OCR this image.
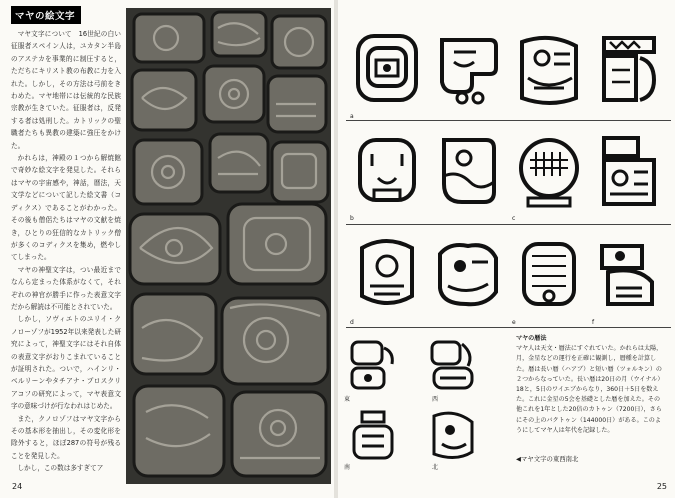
マヤの絵文字

マヤ文字について　16世紀の白い征服者スペイン人は，ユカタン半島のアステカを事業的に制圧すると，ただちにキリスト教の布教に力を入れた。しかし，その方法は弓前をきわめた。マヤ地帯には伝統的な民族宗教が生きていた。征服者は，反発する者は処刑した。カトリックの聖職者たちも異教の建築に強圧をかけた。

かれらは，神殿の１つから解焼館で奇妙な絵文字を発見した。それらはマヤの宇宙感や，神話，暦法，天文学などについて記した絵文書（コディクス）であることがわかった。その後も僧侶たちはマヤの文献を焼き，ひとりの狂信的なカトリック僧が多くのコディクスを集め，燃やしてしまった。

マヤの神聖文字は，つい最近までなんら定まった体系がなくて，それぞれの神官が勝手に作った表意文字だから解読は不可能とされていた。

しかし，ソヴィエトのユリイ・クノローゾフが1952年以来発表した研究によって，神聖文字にはそれ自体の表意文字がおりこまれていることが証明された。ついで，ハインリ・ベルリーンやタチアナ・プロスクリアコフの研究によって，マヤ表意文字の意味づけが行なわれはじめた。

また，クノロゾフはマヤ文字からその基本形を抽出し，その変化形を除外すると，ほぼ287の符号が残ることを発見した。

しかし，この数は多すぎてア

24
a
b	c
d	e	f
東	西
南	北
マヤの暦法
マヤ人は天文・暦法にすぐれていた。かれらは太陽，月，金星などの運行を正確に観測し，曆種を計算した。暦は長い暦（ハアブ）と短い暦（ツォルキン）の２つからなっていた。長い暦は20日の月（ウイナル）18と，5日のワイエブからなり，360日＋5日を数えた。これに金星の5会を基礎とした暦を加えた。その他これを1年とした20倍のカトゥン（7200日），さらにその上のバクトゥン（144000日）がある。このようにしてマヤ人は年代を記録した。
◀マヤ文字の東西南北
25
